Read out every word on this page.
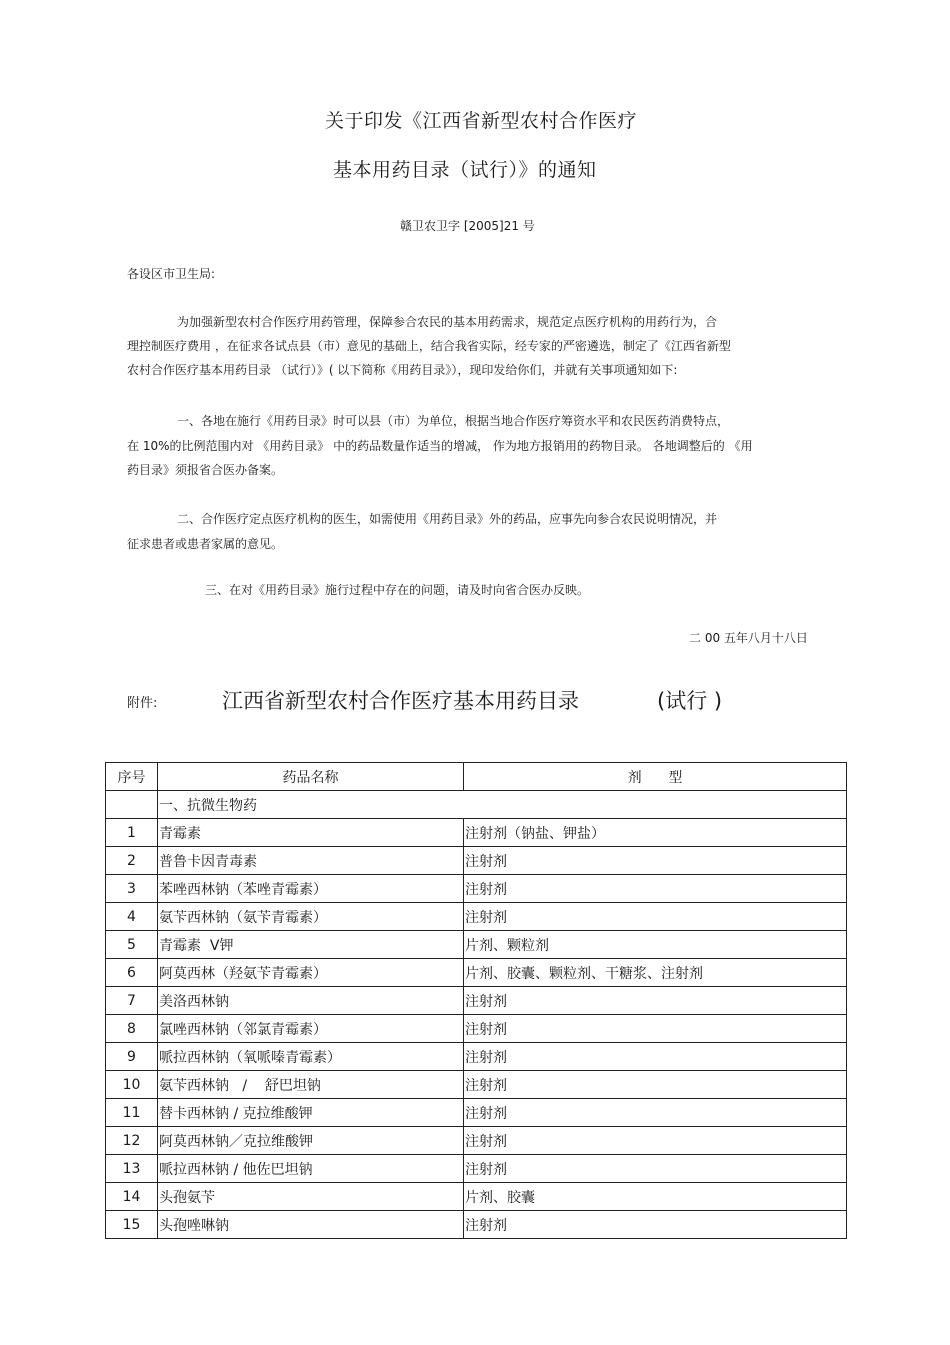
关于印发《江西省新型农村合作医疗
基本用药目录（试行）》的通知
赣卫农卫字 [2005]21 号
各设区市卫生局:
为加强新型农村合作医疗用药管理，保障参合农民的基本用药需求，规范定点医疗机构的用药行为，合
理控制医疗费用 ，在征求各试点县（市）意见的基础上，结合我省实际，经专家的严密遴选，制定了《江西省新型
农村合作医疗基本用药目录 （试行）》( 以下简称《用药目录》），现印发给你们，并就有关事项通知如下:
一、各地在施行《用药目录》时可以县（市）为单位，根据当地合作医疗筹资水平和农民医药消费特点，
在 10%的比例范围内对 《用药目录》 中的药品数量作适当的增减， 作为地方报销用的药物目录。 各地调整后的 《用
药目录》须报省合医办备案。
二、合作医疗定点医疗机构的医生，如需使用《用药目录》外的药品，应事先向参合农民说明情况，并
征求患者或患者家属的意见。
三、在对《用药目录》施行过程中存在的问题，请及时向省合医办反映。
二 00 五年八月十八日
附件:	江西省新型农村合作医疗基本用药目录	(试行 )
序号	药品名称	剂      型
	一、抗微生物药	
1	青霉素	注射剂（钠盐、钾盐）
2	普鲁卡因青毒素	注射剂
3	苯唑西林钠（苯唑青霉素）	注射剂
4	氨苄西林钠（氨苄青霉素）	注射剂
5	青霉素  V钾	片剂、颗粒剂
6	阿莫西林（羟氨苄青霉素）	片剂、胶囊、颗粒剂、干糖浆、注射剂
7	美洛西林钠	注射剂
8	氯唑西林钠（邻氯青霉素）	注射剂
9	哌拉西林钠（氧哌嗪青霉素）	注射剂
10	氨苄西林钠   /    舒巴坦钠	注射剂
11	替卡西林钠 / 克拉维酸钾	注射剂
12	阿莫西林钠／克拉维酸钾	注射剂
13	哌拉西林钠 / 他佐巴坦钠	注射剂
14	头孢氨苄	片剂、胶囊
15	头孢唑啉钠	注射剂
